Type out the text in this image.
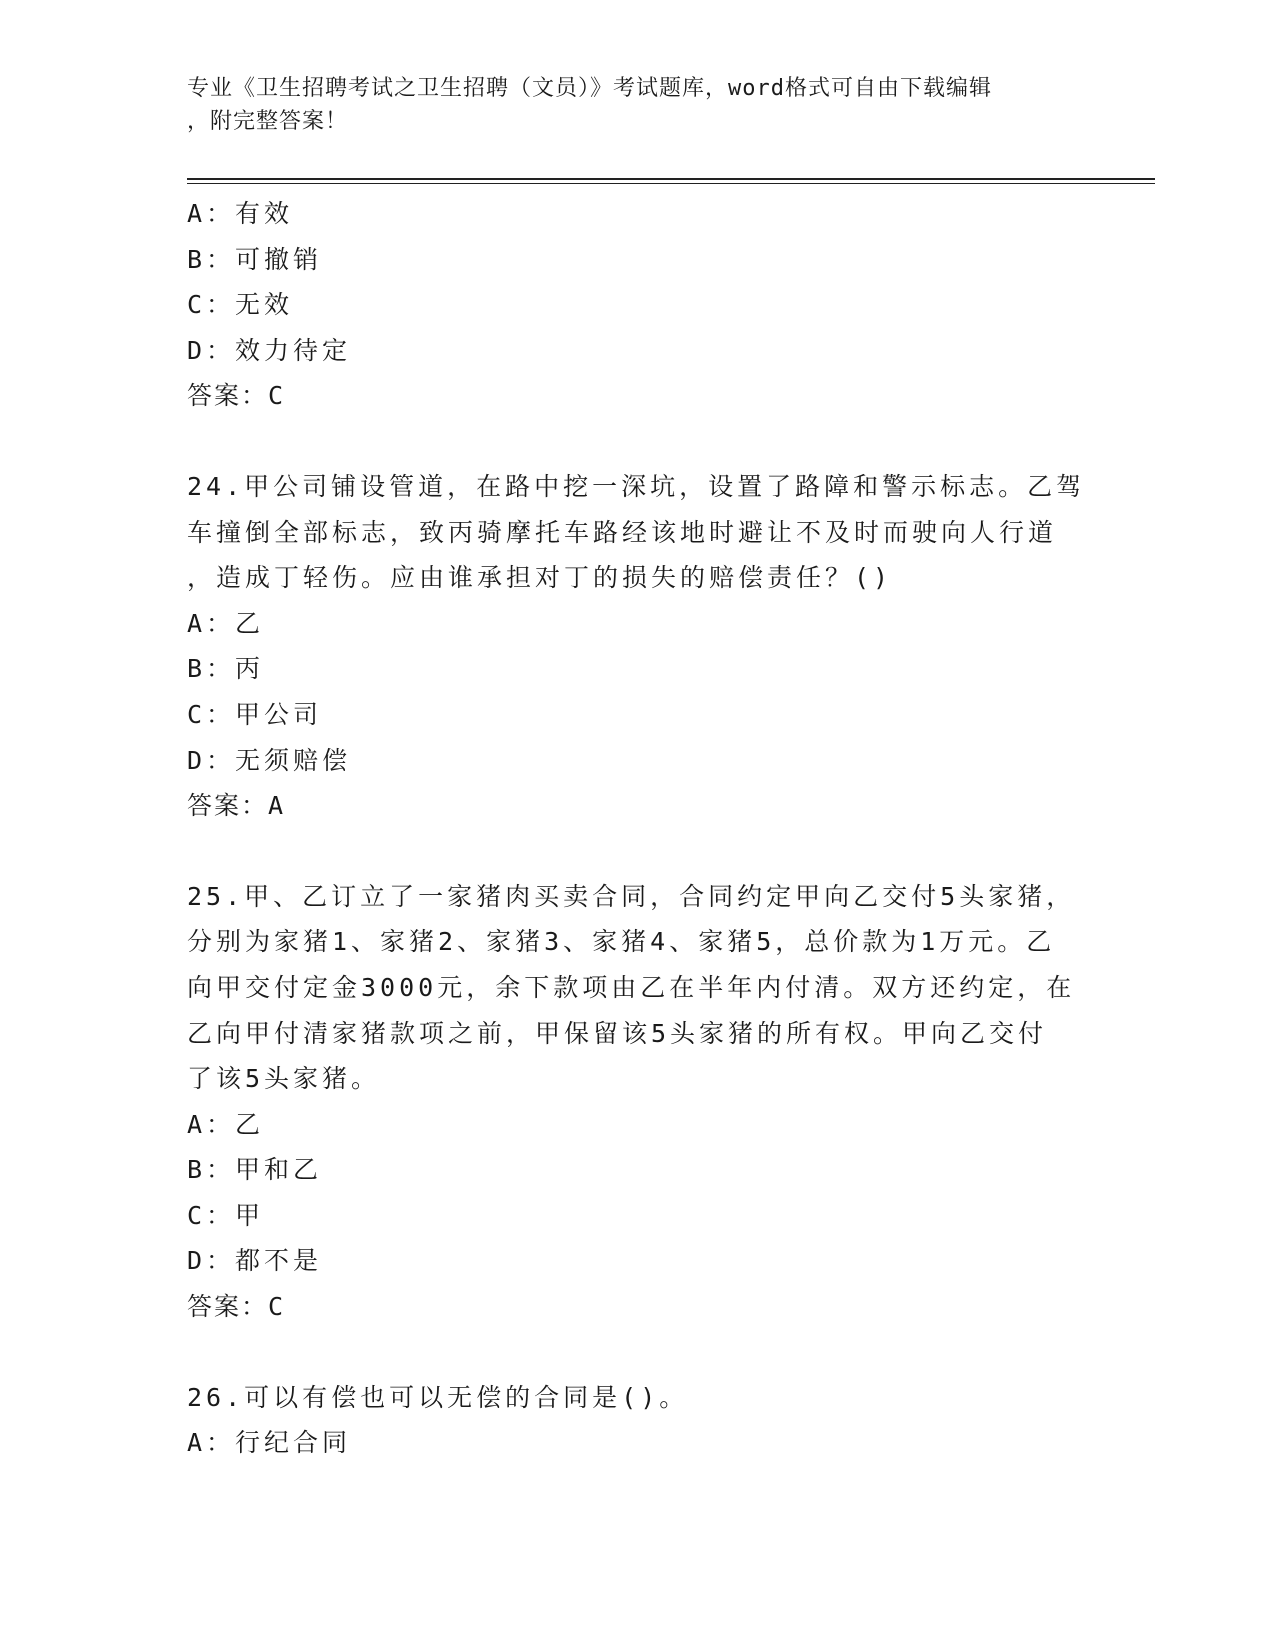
专业《卫生招聘考试之卫生招聘（文员）》考试题库，word格式可自由下载编辑
，附完整答案！
A：有效
B：可撤销
C：无效
D：效力待定
答案：C
24.甲公司铺设管道，在路中挖一深坑，设置了路障和警示标志。乙驾
车撞倒全部标志，致丙骑摩托车路经该地时避让不及时而驶向人行道
，造成丁轻伤。应由谁承担对丁的损失的赔偿责任？()
A：乙
B：丙
C：甲公司
D：无须赔偿
答案：A
25.甲、乙订立了一家猪肉买卖合同，合同约定甲向乙交付5头家猪，
分别为家猪1、家猪2、家猪3、家猪4、家猪5，总价款为1万元。乙
向甲交付定金3000元，余下款项由乙在半年内付清。双方还约定，在
乙向甲付清家猪款项之前，甲保留该5头家猪的所有权。甲向乙交付
了该5头家猪。
A：乙
B：甲和乙
C：甲
D：都不是
答案：C
26.可以有偿也可以无偿的合同是()。
A：行纪合同
